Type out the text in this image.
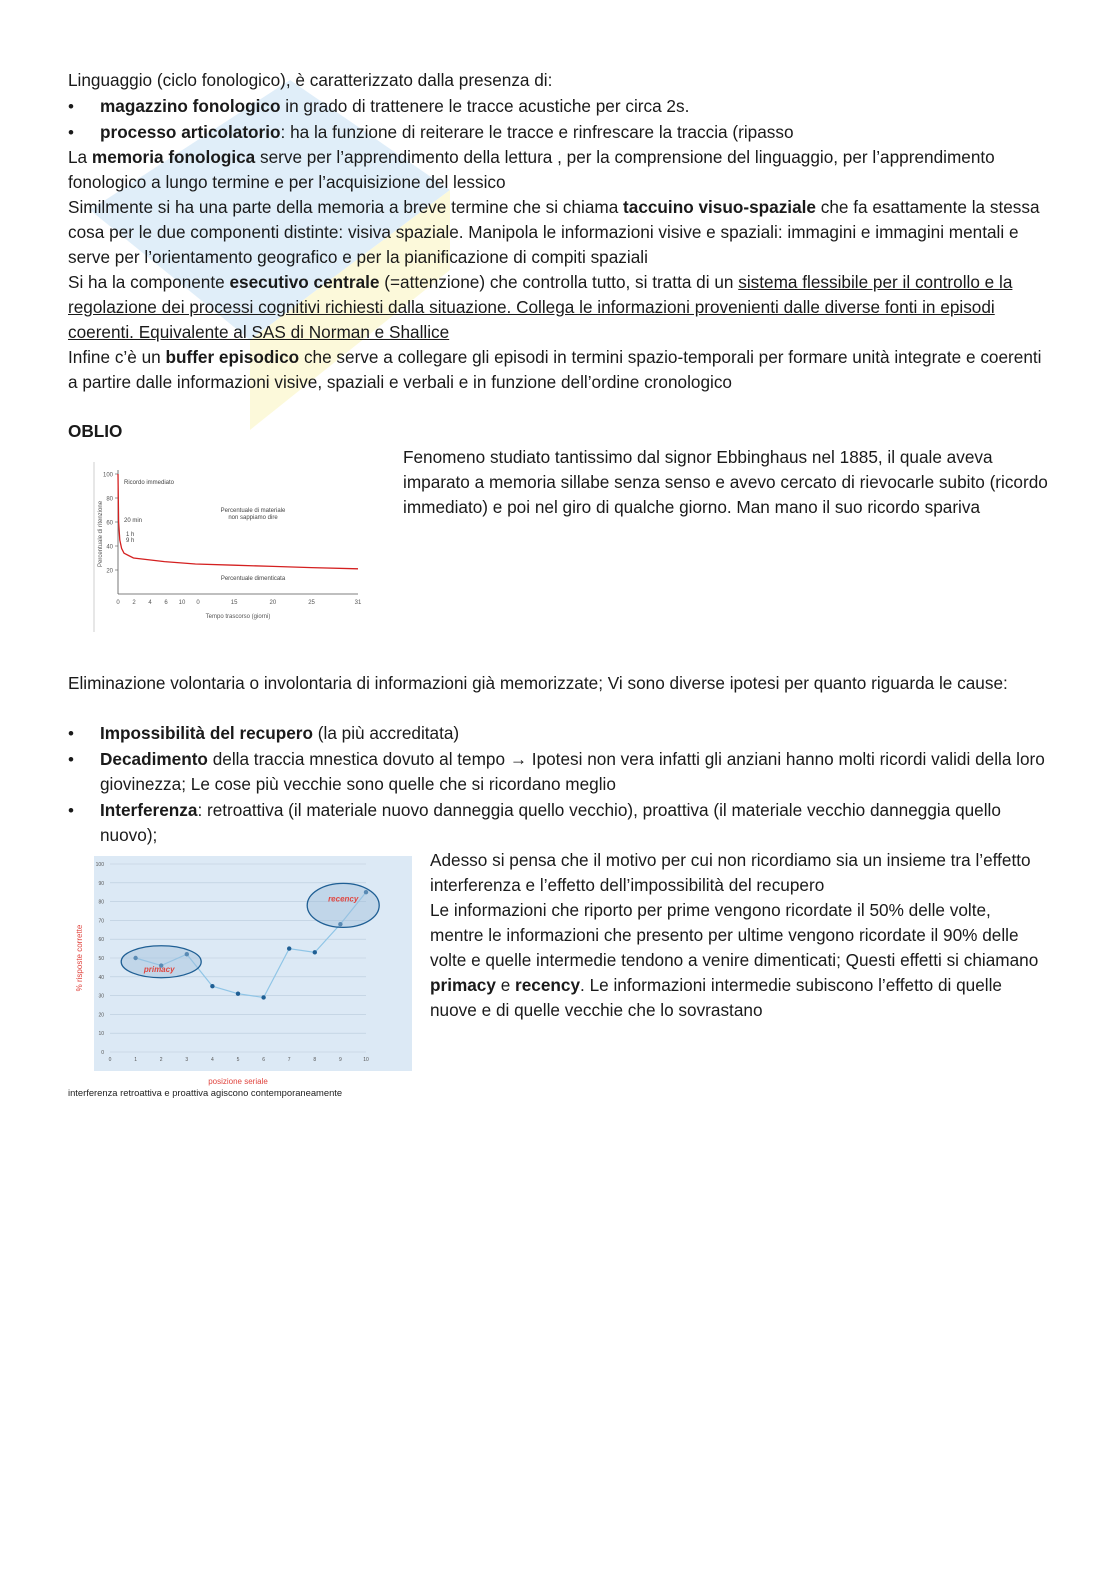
Linguaggio (ciclo fonologico), è caratterizzato dalla presenza di:

• magazzino fonologico in grado di trattenere le tracce acustiche per circa 2s.

• processo articolatorio: ha la funzione di reiterare le tracce e rinfrescare la traccia (ripasso

La memoria fonologica serve per l’apprendimento della lettura , per la comprensione del linguaggio, per l’apprendimento fonologico a lungo termine e per l’acquisizione del lessico

Similmente si ha una parte della memoria a breve termine che si chiama taccuino visuo-spaziale che fa esattamente la stessa cosa per le due componenti distinte: visiva spaziale. Manipola le informazioni visive e spaziali: immagini e immagini mentali e serve per l’orientamento geografico e per la pianificazione di compiti spaziali

Si ha la componente esecutivo centrale (=attenzione) che controlla tutto, si tratta di un sistema flessibile per il controllo e la regolazione dei processi cognitivi richiesti dalla situazione. Collega le informazioni provenienti dalle diverse fonti in episodi coerenti. Equivalente al SAS di Norman e Shallice

Infine c’è un buffer episodico che serve a collegare gli episodi in termini spazio-temporali per formare unità integrate e coerenti a partire dalle informazioni visive, spaziali e verbali e in funzione dell’ordine cronologico

OBLIO
20
40
60
80
100
0 2 4 6 10 0	15	20	25	31
Tempo trascorso (giorni)
Percentuale di ritenzione
Ricordo immediato
20 min
1 h
9 h
Percentuale di materiale
non sappiamo dire
Percentuale dimenticata

Fenomeno studiato tantissimo dal signor Ebbinghaus nel 1885, il quale aveva imparato a memoria sillabe senza senso e avevo cercato di rievocarle subito (ricordo immediato) e poi nel giro di qualche giorno. Man mano il suo ricordo spariva

Eliminazione volontaria o involontaria di informazioni già memorizzate; Vi sono diverse ipotesi per quanto riguarda le cause:

• Impossibilità del recupero (la più accreditata)

• Decadimento della traccia mnestica dovuto al tempo → Ipotesi non vera infatti gli anziani hanno molti ricordi validi della loro giovinezza; Le cose più vecchie sono quelle che si ricordano meglio

• Interferenza: retroattiva (il materiale nuovo danneggia quello vecchio), proattiva (il materiale vecchio danneggia quello nuovo);

0
10
20
30
40
50
60
70
80
90
100
0	1	2	3	4	5	6	7	8	9	10
% risposte corrette
posizione seriale
interferenza retroattiva e proattiva agiscono contemporaneamente
primacy
recency

Adesso si pensa che il motivo per cui non ricordiamo sia un insieme tra l’effetto interferenza e l’effetto dell’impossibilità del recupero

Le informazioni che riporto per prime vengono ricordate il 50% delle volte, mentre le informazioni che presento per ultime vengono ricordate il 90% delle volte e quelle intermedie tendono a venire dimenticati; Questi effetti si chiamano primacy e recency. Le informazioni intermedie subiscono l’effetto di quelle nuove e di quelle vecchie che lo sovrastano
